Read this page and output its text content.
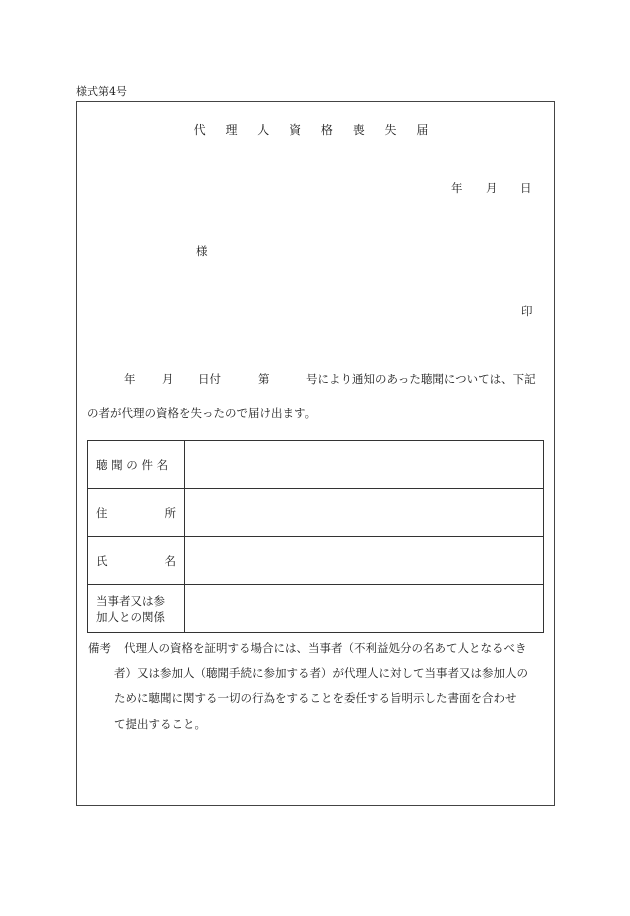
様式第4号
代 理 人 資 格 喪 失 届
年 月 日
様
印
年 月 日付	第	号により通知のあった聴聞については、下記
の者が代理の資格を失ったので届け出ます。
聴 聞 の 件 名	

住 所	

氏 名	

当事者又は参
加人との関係	

備考 代理人の資格を証明する場合には、当事者（不利益処分の名あて人となるべき
者）又は参加人（聴聞手続に参加する者）が代理人に対して当事者又は参加人の
ために聴聞に関する一切の行為をすることを委任する旨明示した書面を合わせ
て提出すること。
